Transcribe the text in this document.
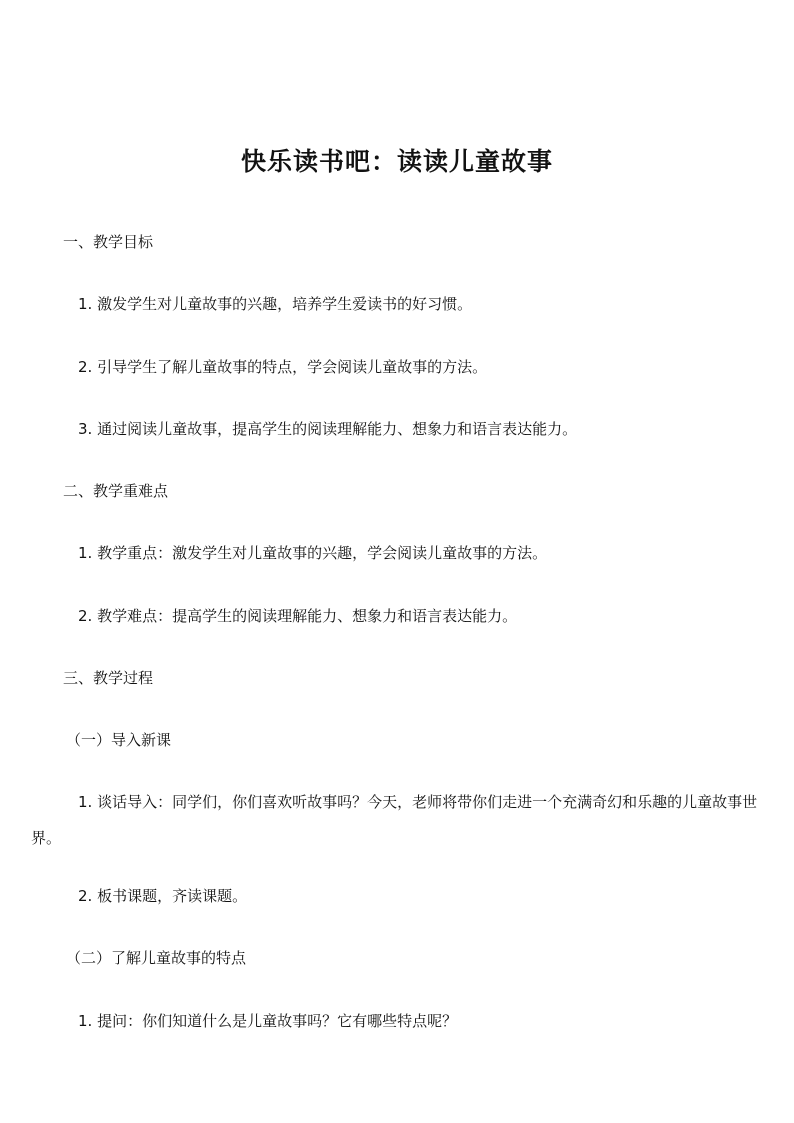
快乐读书吧：读读儿童故事

一、教学目标

1. 激发学生对儿童故事的兴趣，培养学生爱读书的好习惯。

2. 引导学生了解儿童故事的特点，学会阅读儿童故事的方法。

3. 通过阅读儿童故事，提高学生的阅读理解能力、想象力和语言表达能力。

二、教学重难点

1. 教学重点：激发学生对儿童故事的兴趣，学会阅读儿童故事的方法。

2. 教学难点：提高学生的阅读理解能力、想象力和语言表达能力。

三、教学过程

（一）导入新课

1. 谈话导入：同学们，你们喜欢听故事吗？今天，老师将带你们走进一个充满奇幻和乐趣的儿童故事世界。

2. 板书课题，齐读课题。

（二）了解儿童故事的特点

1. 提问：你们知道什么是儿童故事吗？它有哪些特点呢？
